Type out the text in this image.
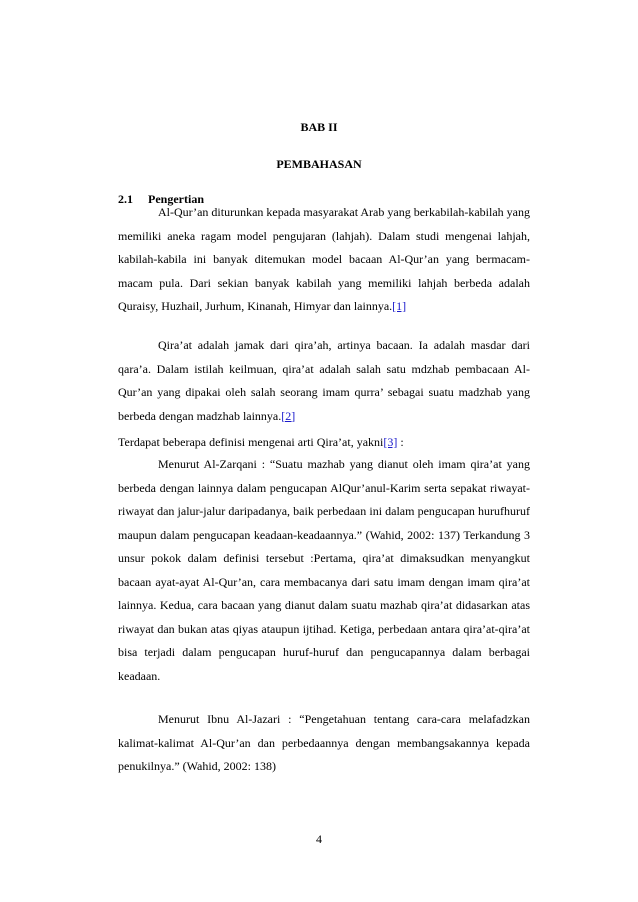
BAB II
PEMBAHASAN
2.1 Pengertian

Al-Qur’an diturunkan kepada masyarakat Arab yang berkabilah-kabilah yang memiliki aneka ragam model pengujaran (lahjah). Dalam studi mengenai lahjah, kabilah-kabila ini banyak ditemukan model bacaan Al-Qur’an yang bermacam-macam pula. Dari sekian banyak kabilah yang memiliki lahjah berbeda adalah Quraisy, Huzhail, Jurhum, Kinanah, Himyar dan lainnya.[1]

Qira’at adalah jamak dari qira’ah, artinya bacaan. Ia adalah masdar dari qara’a. Dalam istilah keilmuan, qira’at adalah salah satu mdzhab pembacaan Al-Qur’an yang dipakai oleh salah seorang imam qurra’ sebagai suatu madzhab yang berbeda dengan madzhab lainnya.[2]

Terdapat beberapa definisi mengenai arti Qira’at, yakni[3] :

Menurut Al-Zarqani : “Suatu mazhab yang dianut oleh imam qira’at yang berbeda dengan lainnya dalam pengucapan AlQur’anul-Karim serta sepakat riwayat-riwayat dan jalur-jalur daripadanya, baik perbedaan ini dalam pengucapan hurufhuruf maupun dalam pengucapan keadaan-keadaannya.” (Wahid, 2002: 137) Terkandung 3 unsur pokok dalam definisi tersebut :Pertama, qira’at dimaksudkan menyangkut bacaan ayat-ayat Al-Qur’an, cara membacanya dari satu imam dengan imam qira’at lainnya. Kedua, cara bacaan yang dianut dalam suatu mazhab qira’at didasarkan atas riwayat dan bukan atas qiyas ataupun ijtihad. Ketiga, perbedaan antara qira’at-qira’at bisa terjadi dalam pengucapan huruf-huruf dan pengucapannya dalam berbagai keadaan.

Menurut Ibnu Al-Jazari : “Pengetahuan tentang cara-cara melafadzkan kalimat-kalimat Al-Qur’an dan perbedaannya dengan membangsakannya kepada penukilnya.” (Wahid, 2002: 138)

4
